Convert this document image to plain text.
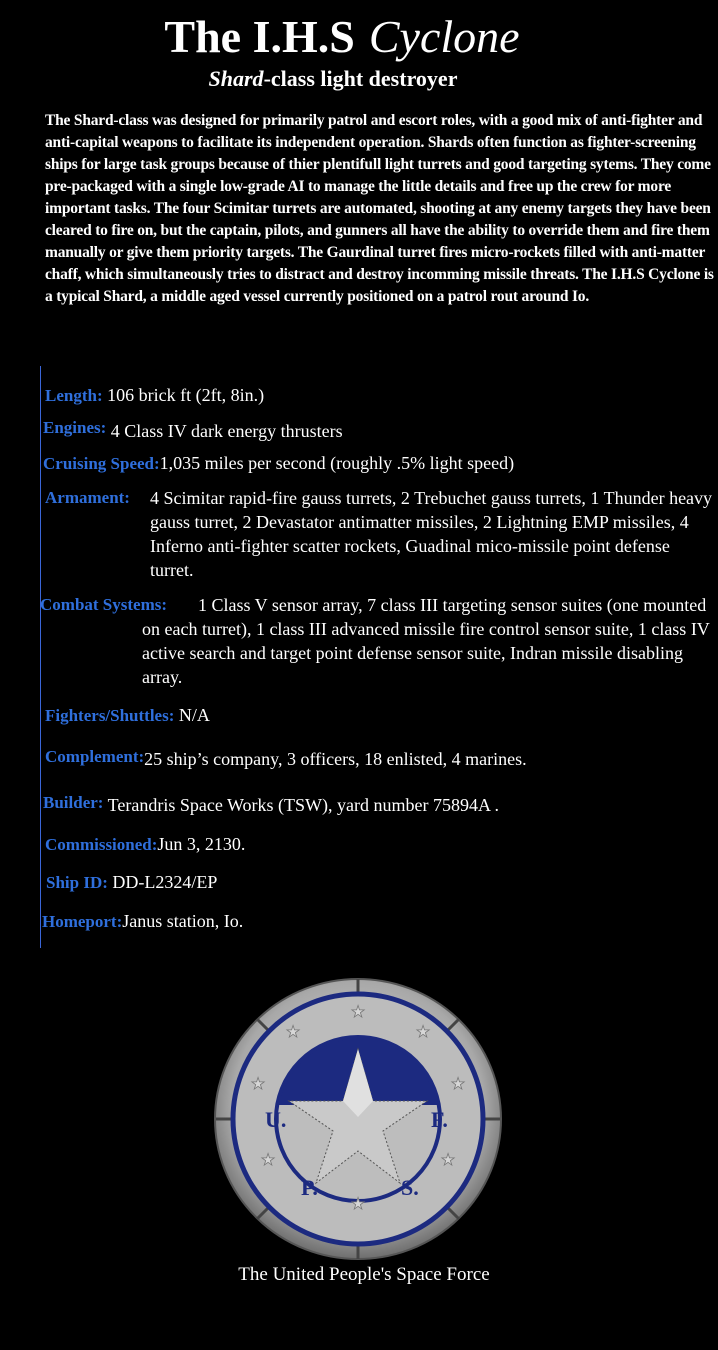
The I.H.S Cyclone
Shard-class light destroyer
The Shard-class was designed for primarily patrol and escort roles, with a good mix of anti-fighter and anti-capital weapons to facilitate its independent operation. Shards often function as fighter-screening ships for large task groups because of thier plentifull light turrets and good targeting sytems. They come pre-packaged with a single low-grade AI to manage the little details and free up the crew for more important tasks. The four Scimitar turrets are automated, shooting at any enemy targets they have been cleared to fire on, but the captain, pilots, and gunners all have the ability to override them and fire them manually or give them priority targets. The Gaurdinal turret fires micro-rockets filled with anti-matter chaff, which simultaneously tries to distract and destroy incomming missile threats. The I.H.S Cyclone is a typical Shard, a middle aged vessel currently positioned on a patrol rout around Io.
Length: 106 brick ft (2ft, 8in.)
Engines: 4 Class IV dark energy thrusters
Cruising Speed:1,035 miles per second (roughly .5% light speed)
Armament:	4 Scimitar rapid-fire gauss turrets, 2 Trebuchet gauss turrets, 1 Thunder heavy gauss turret, 2 Devastator antimatter missiles, 2 Lightning EMP missiles, 4 Inferno anti-fighter scatter rockets, Guadinal mico-missile point defense turret.
Combat Systems:	1 Class V sensor array, 7 class III targeting sensor suites (one mounted on each turret), 1 class III advanced missile fire control sensor suite, 1 class IV active search and target point defense sensor suite, Indran missile disabling array.
Fighters/Shuttles: N/A
Complement:25 ship’s company, 3 officers, 18 enlisted, 4 marines.
Builder: Terandris Space Works (TSW), yard number 75894A .
Commissioned:Jun 3, 2130.
Ship ID: DD-L2324/EP
Homeport:Janus station, Io.
U.	F.
P.	S.
★
★	★
★	★
★	★
★
The United People's Space Force
